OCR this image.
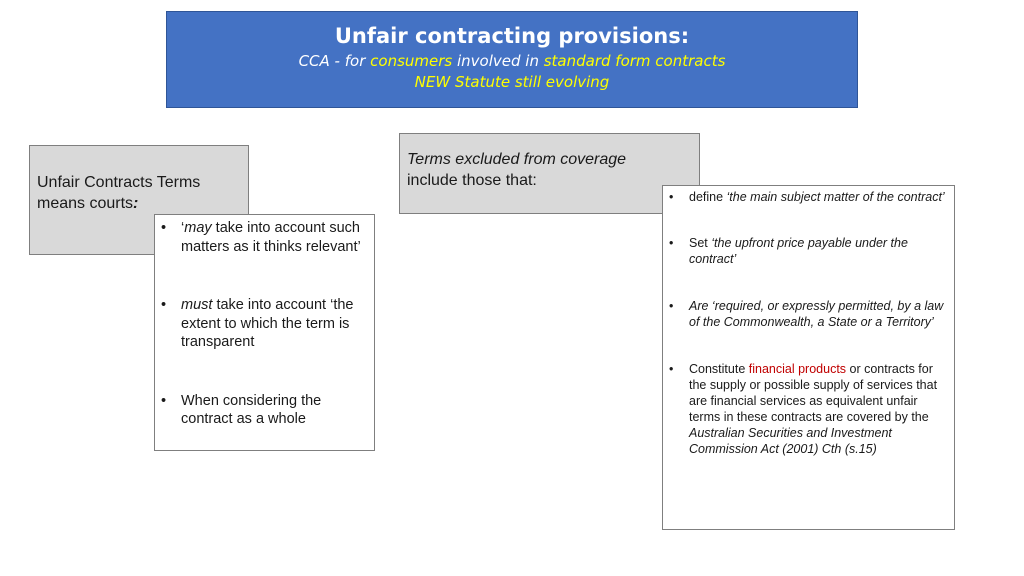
Unfair contracting provisions:
CCA - for consumers involved in standard form contracts
NEW Statute still evolving
Unfair Contracts Terms
means courts:
• ‘may take into account such matters as it thinks relevant’
• must take into account ‘the extent to which the term is transparent
• When considering the contract as a whole
Terms excluded from coverage
include those that:
• define ‘the main subject matter of the contract’
• Set ‘the upfront price payable under the contract’
• Are ‘required, or expressly permitted, by a law of the Commonwealth, a State or a Territory’
• Constitute financial products or contracts for the supply or possible supply of services that are financial services as equivalent unfair terms in these contracts are covered by the Australian Securities and Investment Commission Act (2001) Cth (s.15)
